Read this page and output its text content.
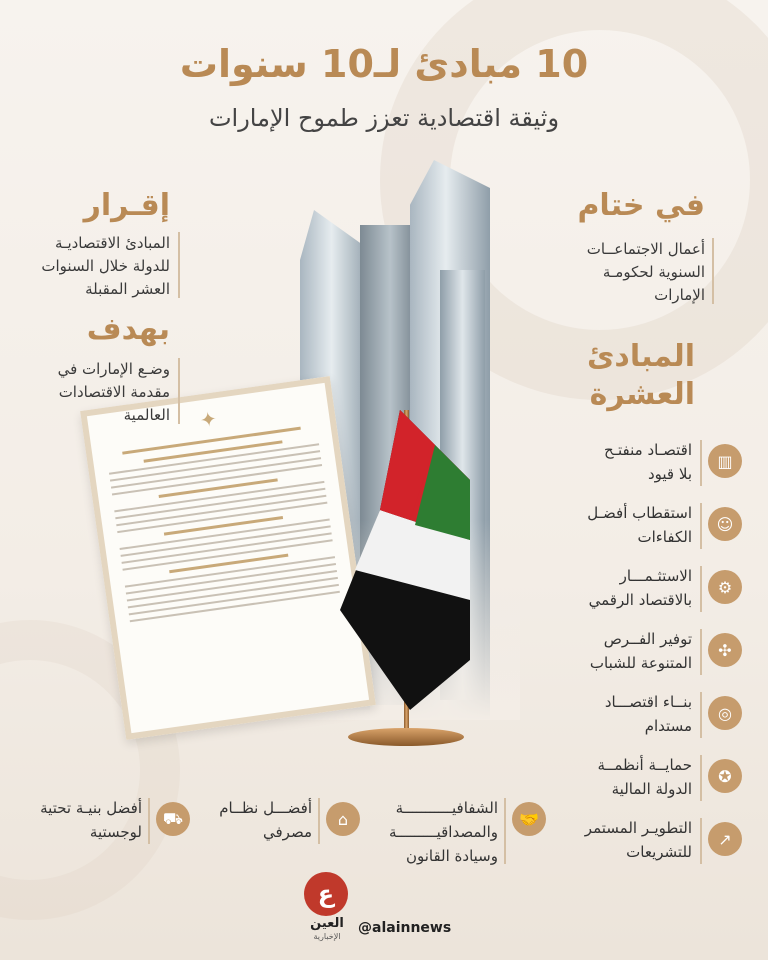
10 مبادئ لـ10 سنوات
وثيقة اقتصادية تعزز طموح الإمارات
✦
إقـرار
المبادئ الاقتصاديـة
للدولة خلال السنوات
العشر المقبلة
بهدف
وضـع الإمارات في
مقدمة الاقتصادات
العالمية
في ختام
أعمال الاجتماعــات
السنوية لحكومـة
الإمارات
المبادئ
العشرة
▥
اقتصـاد منفتـح
بلا قيود
☺
استقطاب أفضـل
الكفاءات
⚙
الاستثـمـــار
بالاقتصاد الرقمي
✣
توفير الفــرص
المتنوعة للشباب
◎
بنــاء اقتصـــاد
مستدام
✪
حمايــة أنظمــة
الدولة المالية
↗
التطويـر المستمر
للتشريعات
🤝
الشفافيـــــــــــة
والمصداقيـــــــــة
وسيادة القانون
⌂
أفضـــل نظــام
مصرفي
⛟
أفضل بنيـة تحتية
لوجستية
ع
العين
الإخبارية
@alainnews
